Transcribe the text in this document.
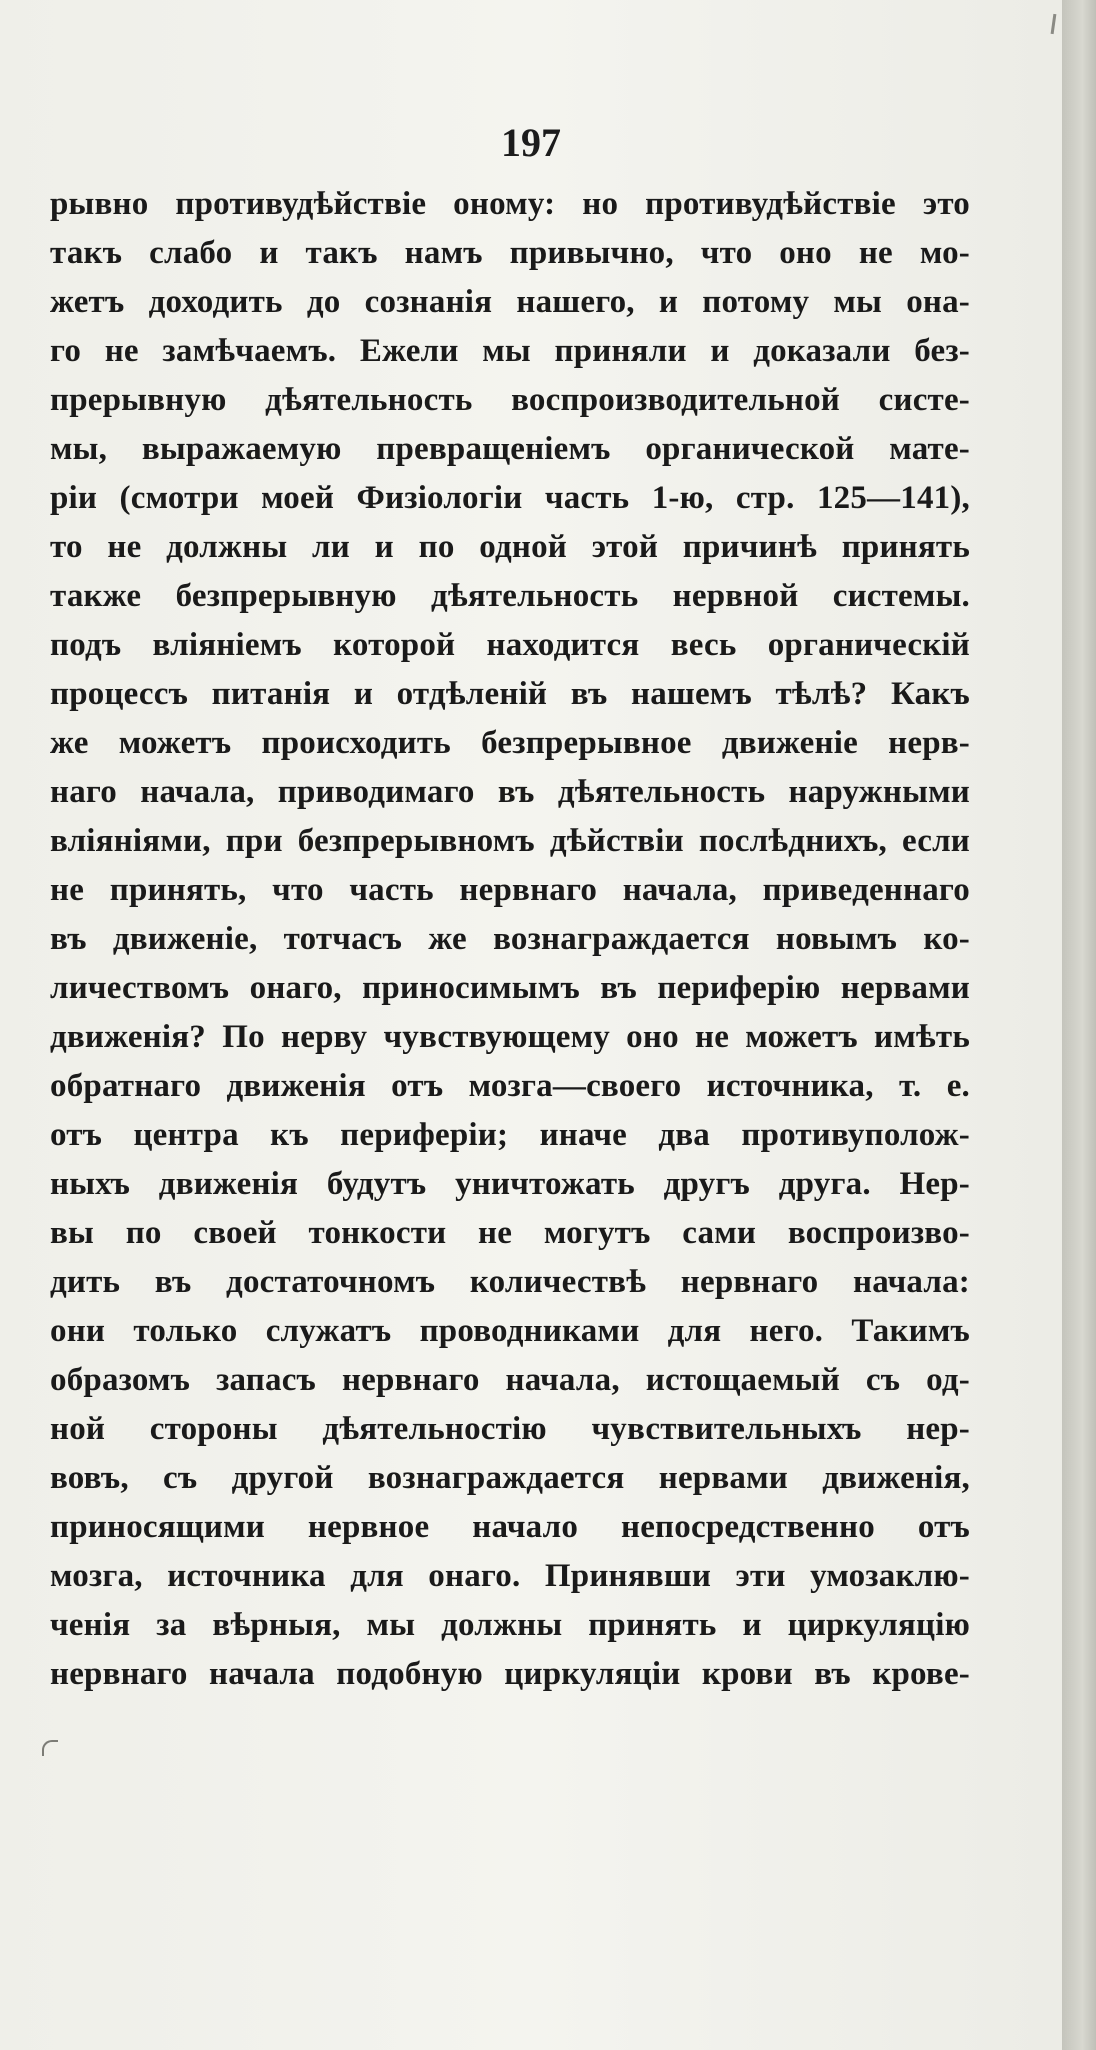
197
рывно противудѣйствіе оному: но противудѣйствіе это
такъ слабо и такъ намъ привычно, что оно не мо-
жетъ доходить до сознанія нашего, и потому мы она-
го не замѣчаемъ. Ежели мы приняли и доказали без-
прерывную дѣятельность воспроизводительной систе-
мы, выражаемую превращеніемъ органической мате-
ріи (смотри моей Физіологіи часть 1-ю, стр. 125—141),
то не должны ли и по одной этой причинѣ принять
также безпрерывную дѣятельность нервной системы.
подъ вліяніемъ которой находится весь органическій
процессъ питанія и отдѣленій въ нашемъ тѣлѣ? Какъ
же можетъ происходить безпрерывное движеніе нерв-
наго начала, приводимаго въ дѣятельность наружными
вліяніями, при безпрерывномъ дѣйствіи послѣднихъ, если
не принять, что часть нервнаго начала, приведеннаго
въ движеніе, тотчасъ же вознаграждается новымъ ко-
личествомъ онаго, приносимымъ въ периферію нервами
движенія? По нерву чувствующему оно не можетъ имѣть
обратнаго движенія отъ мозга—своего источника, т. е.
отъ центра къ периферіи; иначе два противуполож-
ныхъ движенія будутъ уничтожать другъ друга. Нер-
вы по своей тонкости не могутъ сами воспроизво-
дить въ достаточномъ количествѣ нервнаго начала:
они только служатъ проводниками для него. Такимъ
образомъ запасъ нервнаго начала, истощаемый съ од-
ной стороны дѣятельностію чувствительныхъ нер-
вовъ, съ другой вознаграждается нервами движенія,
приносящими нервное начало непосредственно отъ
мозга, источника для онаго. Принявши эти умозаклю-
ченія за вѣрныя, мы должны принять и циркуляцію
нервнаго начала подобную циркуляціи крови въ крове-
